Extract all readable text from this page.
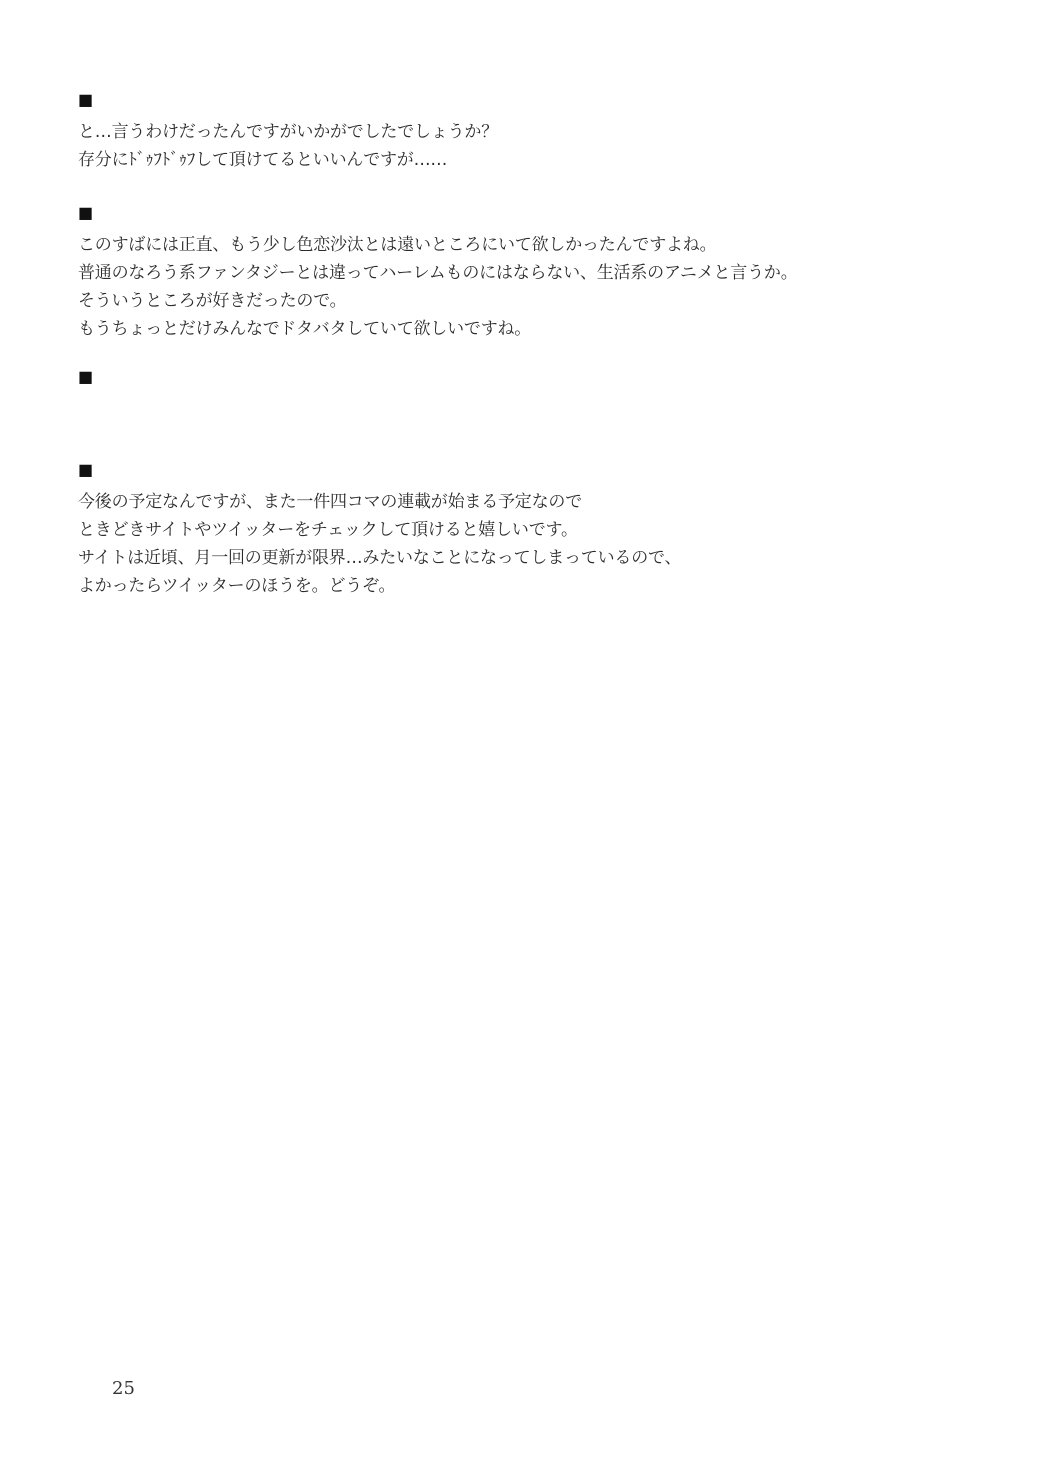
■

と…言うわけだったんですがいかがでしたでしょうか？

存分にﾄﾞｩﾌﾄﾞｩﾌして頂けてるといいんですが……

■

このすばには正直、もう少し色恋沙汰とは遠いところにいて欲しかったんですよね。

普通のなろう系ファンタジーとは違ってハーレムものにはならない、生活系のアニメと言うか。

そういうところが好きだったので。

もうちょっとだけみんなでドタバタしていて欲しいですね。

■
■

今後の予定なんですが、また一件四コマの連載が始まる予定なので

ときどきサイトやツイッターをチェックして頂けると嬉しいです。

サイトは近頃、月一回の更新が限界…みたいなことになってしまっているので、

よかったらツイッターのほうを。どうぞ。

25
